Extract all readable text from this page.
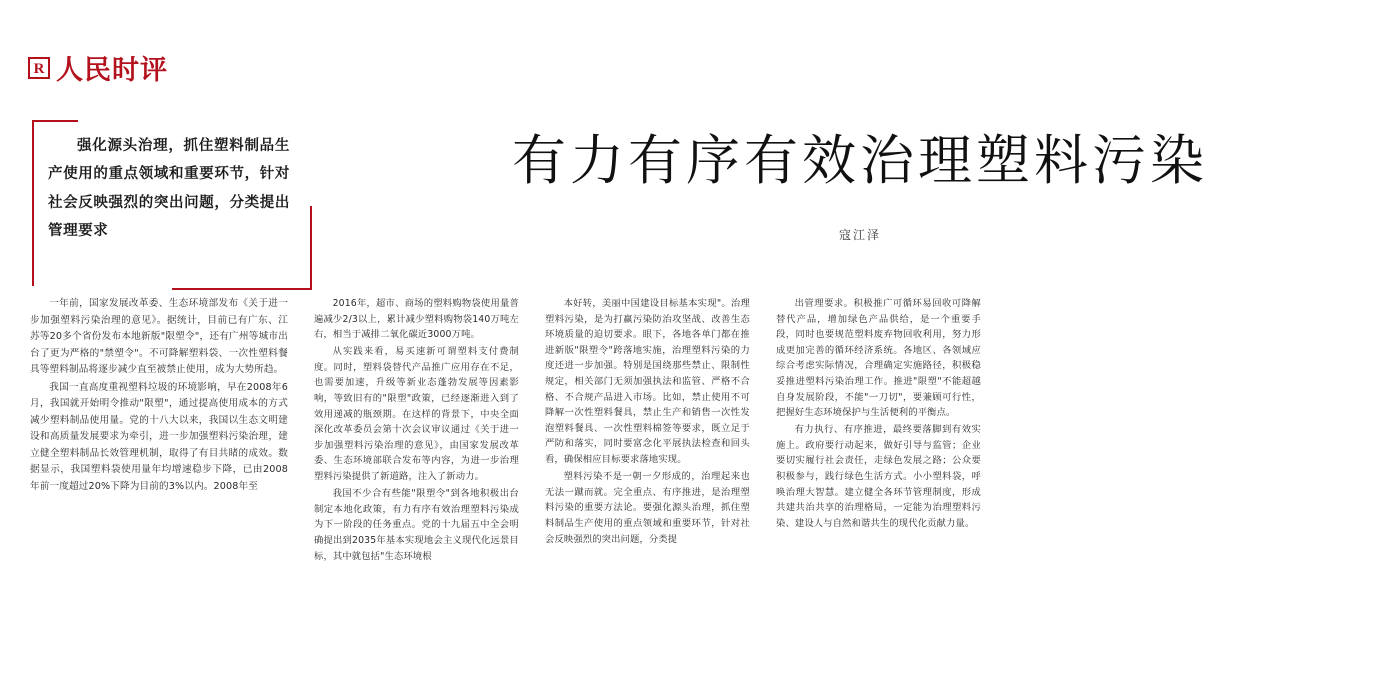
R 人民时评
强化源头治理，抓住塑料制品生产使用的重点领域和重要环节，针对社会反映强烈的突出问题，分类提出管理要求
有力有序有效治理塑料污染
寇江泽

一年前，国家发展改革委、生态环境部发布《关于进一步加强塑料污染治理的意见》。据统计，目前已有广东、江苏等20多个省份发布本地新版"限塑令"，还有广州等城市出台了更为严格的"禁塑令"。不可降解塑料袋、一次性塑料餐具等塑料制品将逐步减少直至被禁止使用，成为大势所趋。

我国一直高度重视塑料垃圾的环境影响，早在2008年6月，我国就开始明令推动"限塑"，通过提高使用成本的方式减少塑料制品使用量。党的十八大以来，我国以生态文明建设和高质量发展要求为牵引，进一步加强塑料污染治理，建立健全塑料制品长效管理机制，取得了有目共睹的成效。数据显示，我国塑料袋使用量年均增速稳步下降，已由2008年前一度超过20%下降为目前的3%以内。2008年至

2016年，超市、商场的塑料购物袋使用量普遍减少2/3以上，累计减少塑料购物袋140万吨左右，相当于减排二氧化碳近3000万吨。

从实践来看，易买速新可谓塑料支付费制度。同时，塑料袋替代产品推广应用存在不足，也需要加速，升级等新业态蓬勃发展等因素影响，等致旧有的"限塑"政策，已经逐渐进入到了效用递减的瓶颈期。在这样的背景下，中央全面深化改革委员会第十次会议审议通过《关于进一步加强塑料污染治理的意见》，由国家发展改革委、生态环境部联合发布等内容，为进一步治理塑料污染提供了新道路，注入了新动力。

我国不少合有些能"限塑令"到各地积极出台制定本地化政策，有力有序有效治理塑料污染成为下一阶段的任务重点。党的十九届五中全会明确提出到2035年基本实现地会主义现代化远景目标，其中就包括"生态环境根

本好转，美丽中国建设目标基本实现"。治理塑料污染，是为打赢污染防治攻坚战、改善生态环境质量的迫切要求。眼下，各地各单门都在推进新版"限塑令"跨落地实施，治理塑料污染的力度还进一步加强。特别是国绕那些禁止、限制性规定，相关部门无须加强执法和监管、严格不合格、不合规产品进入市场。比如，禁止使用不可降解一次性塑料餐具，禁止生产和销售一次性发泡塑料餐具、一次性塑料棉签等要求，既立足于严防和落实，同时要富念化平展执法检查和回头看，确保相应目标要求落地实现。

塑料污染不是一朝一夕形成的，治理起来也无法一蹴而就。完全重点、有序推进，是治理塑料污染的重要方法论。要强化源头治理，抓住塑料制品生产使用的重点领域和重要环节，针对社会反映强烈的突出问题，分类提

出管理要求。积极推广可循环易回收可降解替代产品，增加绿色产品供给，是一个重要手段，同时也要规范塑料废弃物回收利用，努力形成更加完善的循环经济系统。各地区、各领域应综合考虑实际情况，合理确定实施路径，积极稳妥推进塑料污染治理工作。推进"限塑"不能超越自身发展阶段，不能"一刀切"，要兼顾可行性，把握好生态环境保护与生活便利的平衡点。

有力执行、有序推进，最终要落脚到有效实施上。政府要行动起来，做好引导与监管；企业要切实履行社会责任，走绿色发展之路；公众要积极参与，践行绿色生活方式。小小塑料袋，呼唤治理大智慧。建立健全各环节管理制度，形成共建共治共享的治理格局，一定能为治理塑料污染、建设人与自然和谐共生的现代化贡献力量。
